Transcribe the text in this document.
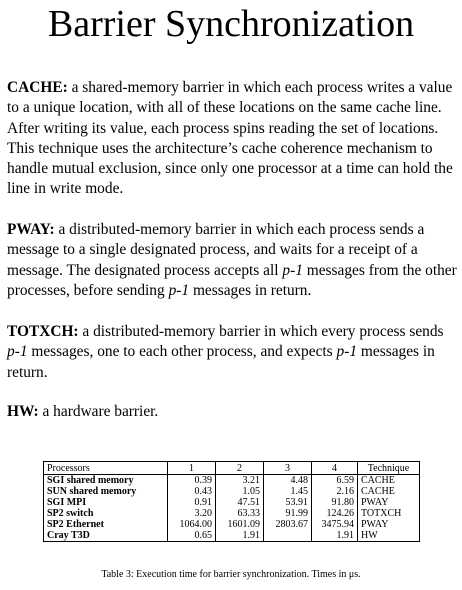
Barrier Synchronization
CACHE: a shared-memory barrier in which each process writes a value to a unique location, with all of these locations on the same cache line. After writing its value, each process spins reading the set of locations. This technique uses the architecture’s cache coherence mechanism to handle mutual exclusion, since only one processor at a time can hold the line in write mode.
PWAY: a distributed-memory barrier in which each process sends a message to a single designated process, and waits for a receipt of a message. The designated process accepts all p-1 messages from the other processes, before sending p-1 messages in return.
TOTXCH: a distributed-memory barrier in which every process sends p-1 messages, one to each other process, and expects p-1 messages in return.
HW: a hardware barrier.
Processors	1	2	3	4	Technique
SGI shared memory	0.39	3.21	4.48	6.59	CACHE
SUN shared memory	0.43	1.05	1.45	2.16	CACHE
SGI MPI	0.91	47.51	53.91	91.80	PWAY
SP2 switch	3.20	63.33	91.99	124.26	TOTXCH
SP2 Ethernet	1064.00	1601.09	2803.67	3475.94	PWAY
Cray T3D	0.65	1.91		1.91	HW
Table 3: Execution time for barrier synchronization. Times in μs.
